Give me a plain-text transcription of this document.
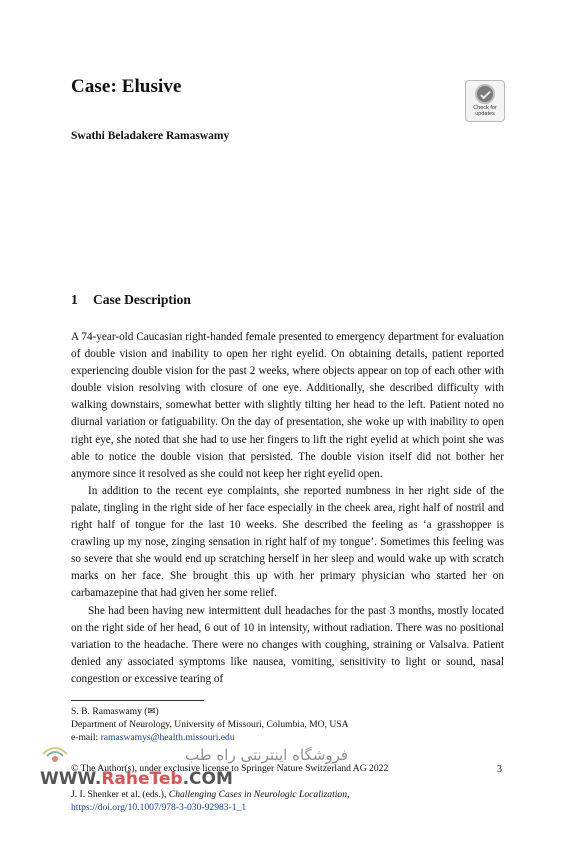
Case: Elusive
Swathi Beladakere Ramaswamy
Check for updates
1 Case Description

A 74-year-old Caucasian right-handed female presented to emergency department for evaluation of double vision and inability to open her right eyelid. On obtaining details, patient reported experiencing double vision for the past 2 weeks, where objects appear on top of each other with double vision resolving with closure of one eye. Additionally, she described difficulty with walking downstairs, somewhat better with slightly tilting her head to the left. Patient noted no diurnal variation or fatiguability. On the day of presentation, she woke up with inability to open right eye, she noted that she had to use her fingers to lift the right eyelid at which point she was able to notice the double vision that persisted. The double vision itself did not bother her anymore since it resolved as she could not keep her right eyelid open.

In addition to the recent eye complaints, she reported numbness in her right side of the palate, tingling in the right side of her face especially in the cheek area, right half of nostril and right half of tongue for the last 10 weeks. She described the feeling as ‘a grasshopper is crawling up my nose, zinging sensation in right half of my tongue’. Sometimes this feeling was so severe that she would end up scratching herself in her sleep and would wake up with scratch marks on her face. She brought this up with her primary physician who started her on carbamazepine that had given her some relief.

She had been having new intermittent dull headaches for the past 3 months, mostly located on the right side of her head, 6 out of 10 in intensity, without radiation. There was no positional variation to the headache. There were no changes with coughing, straining or Valsalva. Patient denied any associated symptoms like nausea, vomiting, sensitivity to light or sound, nasal congestion or excessive tearing of

S. B. Ramaswamy (✉)
Department of Neurology, University of Missouri, Columbia, MO, USA
e-mail: ramaswamys@health.missouri.edu
© The Author(s), under exclusive license to Springer Nature Switzerland AG 2022	3
J. I. Shenker et al. (eds.), Challenging Cases in Neurologic Localization,
https://doi.org/10.1007/978-3-030-92983-1_1
فروشگاه اینترنتی راه طب
WWW.RaheTeb.COM
